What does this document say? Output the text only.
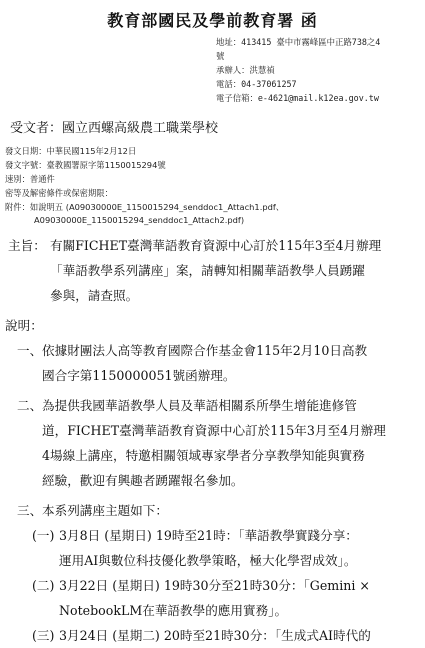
教育部國民及學前教育署 函
地址：413415 臺中市霧峰區中正路738之4
號
承辦人：洪慧禎
電話：04-37061257
電子信箱：e-4621@mail.k12ea.gov.tw
受文者：國立西螺高級農工職業學校
發文日期：中華民國115年2月12日
發文字號：臺教國署原字第1150015294號
速別：普通件
密等及解密條件或保密期限：
附件：如說明五 (A09030000E_1150015294_senddoc1_Attach1.pdf、
A09030000E_1150015294_senddoc1_Attach2.pdf)
主旨： 有關FICHET臺灣華語教育資源中心訂於115年3至4月辦理
「華語教學系列講座」案，請轉知相關華語教學人員踴躍
參與，請查照。
說明：
一、 依據財團法人高等教育國際合作基金會115年2月10日高教
國合字第1150000051號函辦理。
二、 為提供我國華語教學人員及華語相關系所學生增能進修管
道，FICHET臺灣華語教育資源中心訂於115年3月至4月辦理
4場線上講座，特邀相關領域專家學者分享教學知能與實務
經驗，歡迎有興趣者踴躍報名參加。
三、 本系列講座主題如下：
(一) 3月8日 (星期日) 19時至21時：「華語教學實踐分享：
運用AI與數位科技優化教學策略，極大化學習成效」。
(二) 3月22日 (星期日) 19時30分至21時30分：「Gemini ×
NotebookLM在華語教學的應用實務」。
(三) 3月24日 (星期二) 20時至21時30分：「生成式AI時代的
